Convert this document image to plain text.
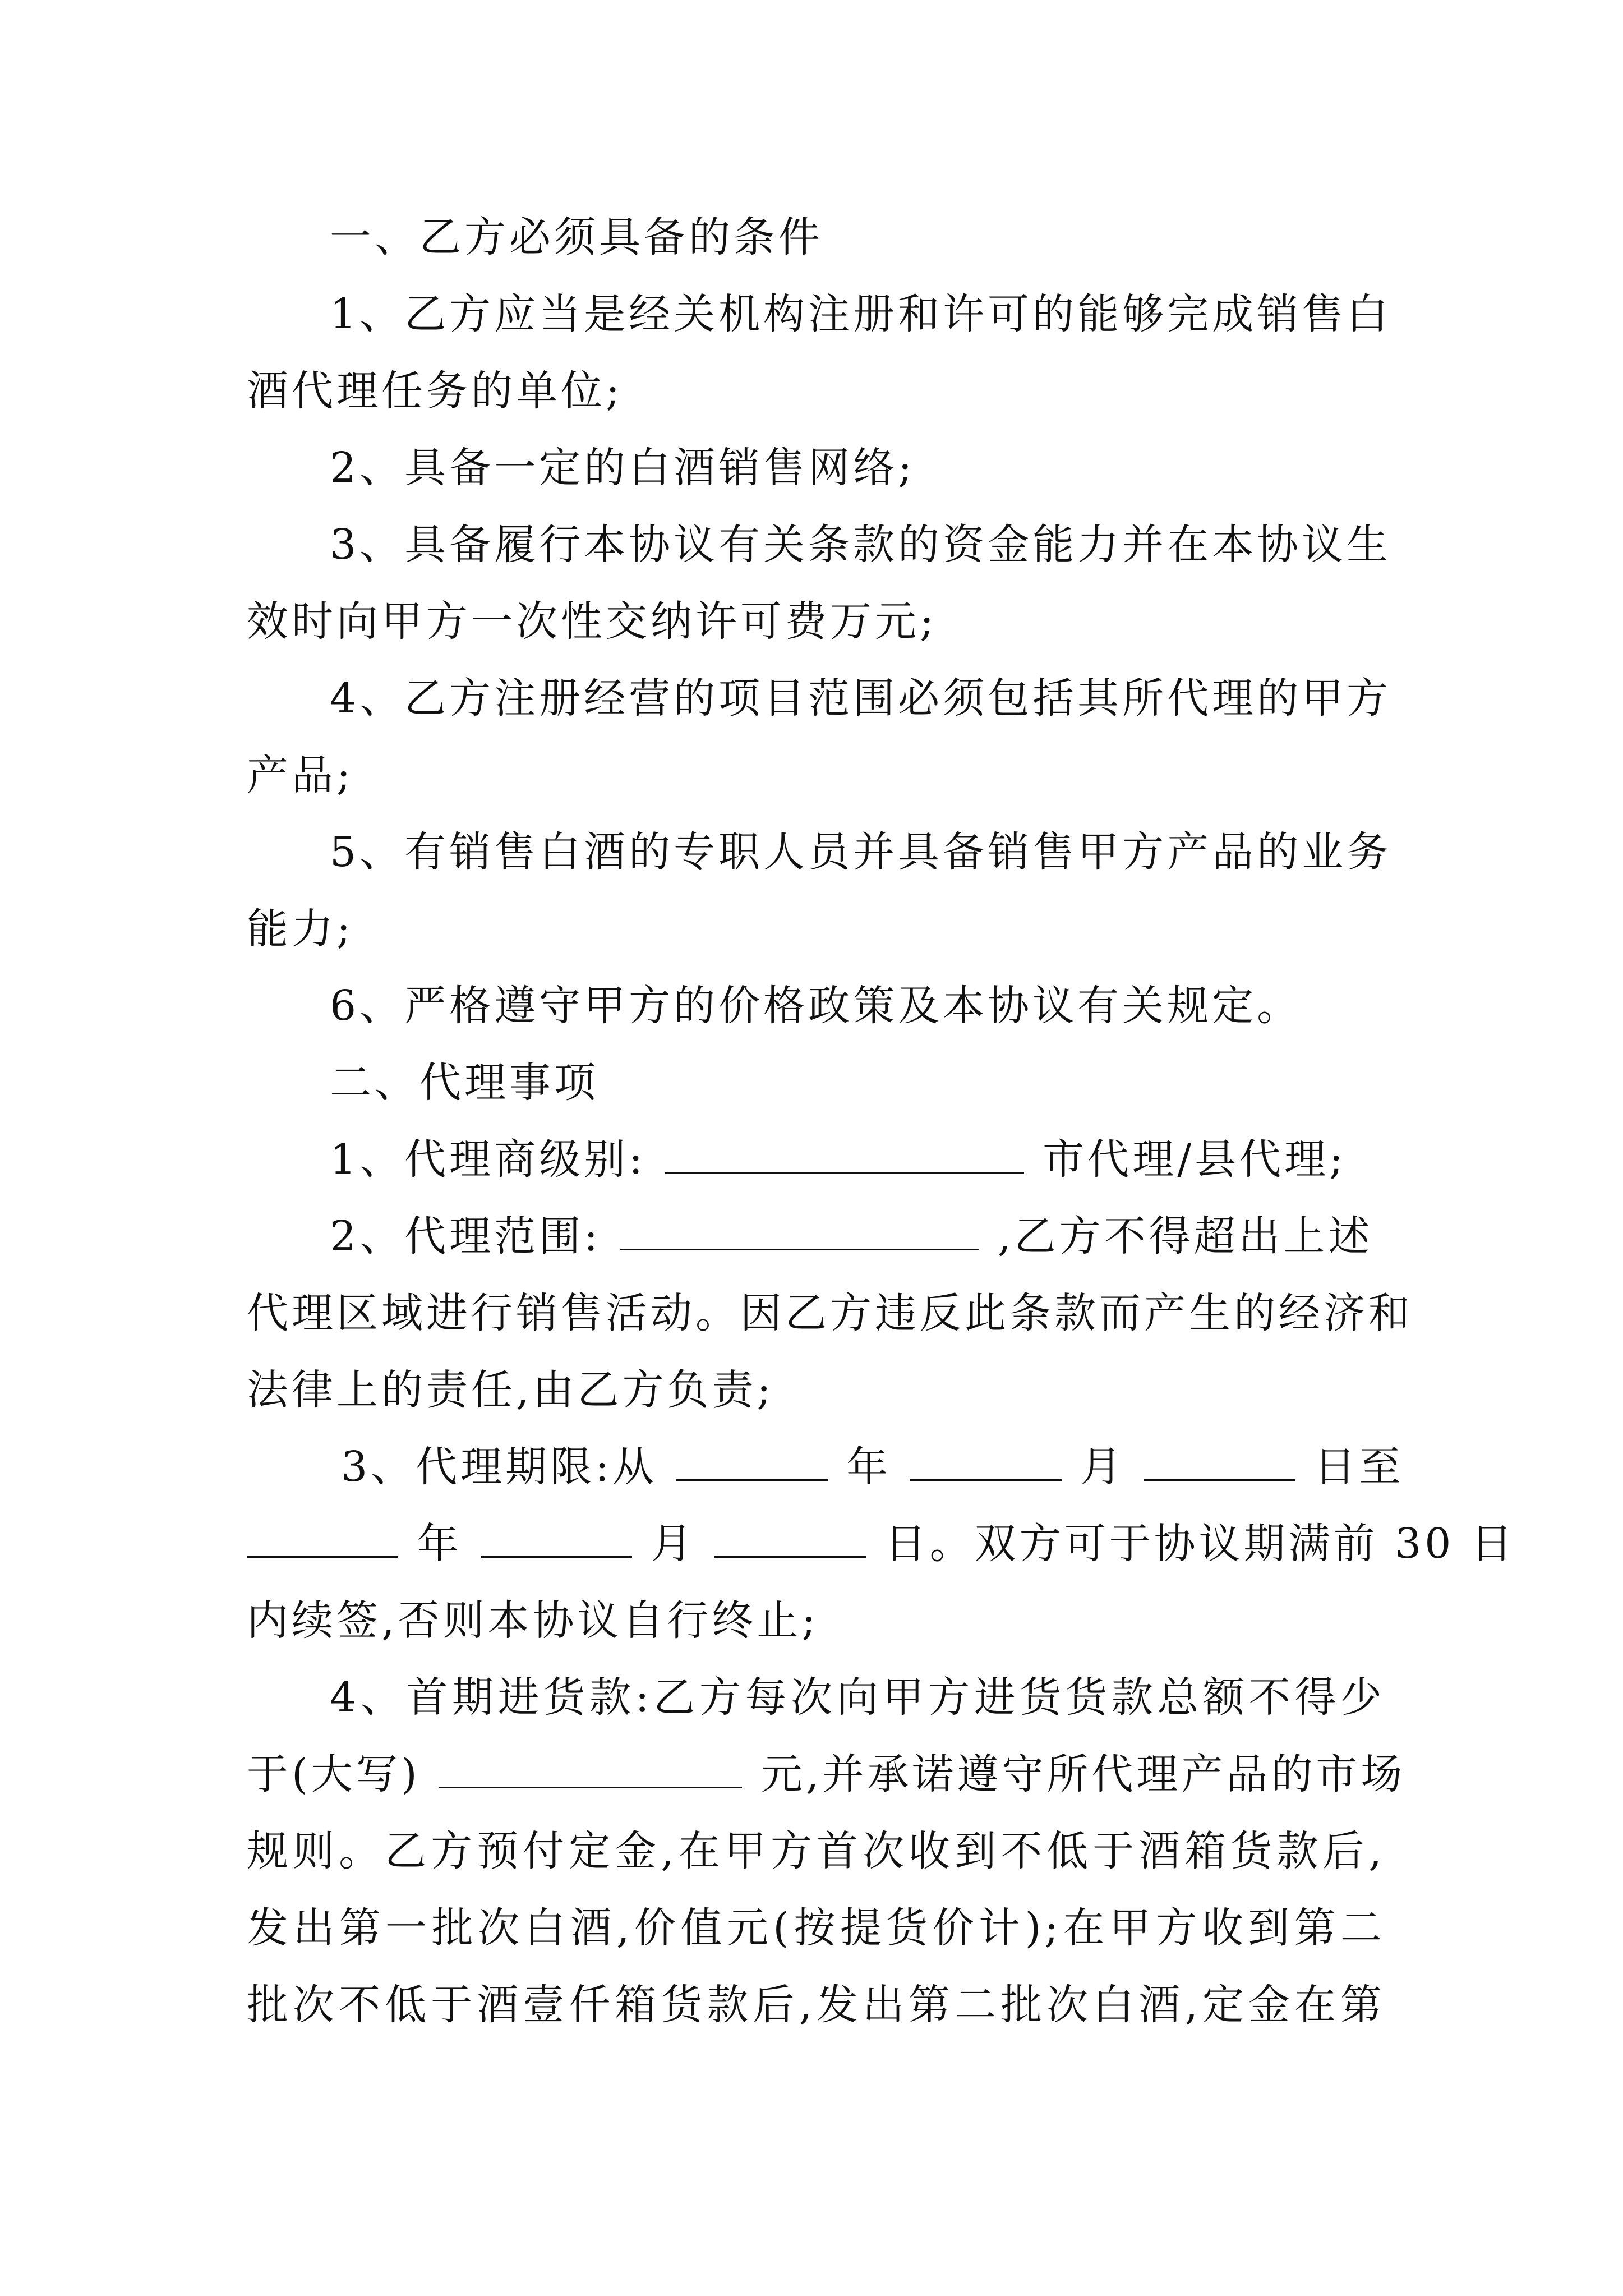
一、乙方必须具备的条件
1、乙方应当是经关机构注册和许可的能够完成销售白
酒代理任务的单位;
2、具备一定的白酒销售网络;
3、具备履行本协议有关条款的资金能力并在本协议生
效时向甲方一次性交纳许可费万元;
4、乙方注册经营的项目范围必须包括其所代理的甲方
产品;
5、有销售白酒的专职人员并具备销售甲方产品的业务
能力;
6、严格遵守甲方的价格政策及本协议有关规定。
二、代理事项
1、代理商级别:	市代理/县代理;
2、代理范围:	,乙方不得超出上述
代理区域进行销售活动。因乙方违反此条款而产生的经济和
法律上的责任,由乙方负责;
3、代理期限:从	年	月	日至
年	月	日。双方可于协议期满前 30 日
内续签,否则本协议自行终止;
4、首期进货款:乙方每次向甲方进货货款总额不得少
于(大写)	元,并承诺遵守所代理产品的市场
规则。乙方预付定金,在甲方首次收到不低于酒箱货款后,
发出第一批次白酒,价值元(按提货价计);在甲方收到第二
批次不低于酒壹仟箱货款后,发出第二批次白酒,定金在第
